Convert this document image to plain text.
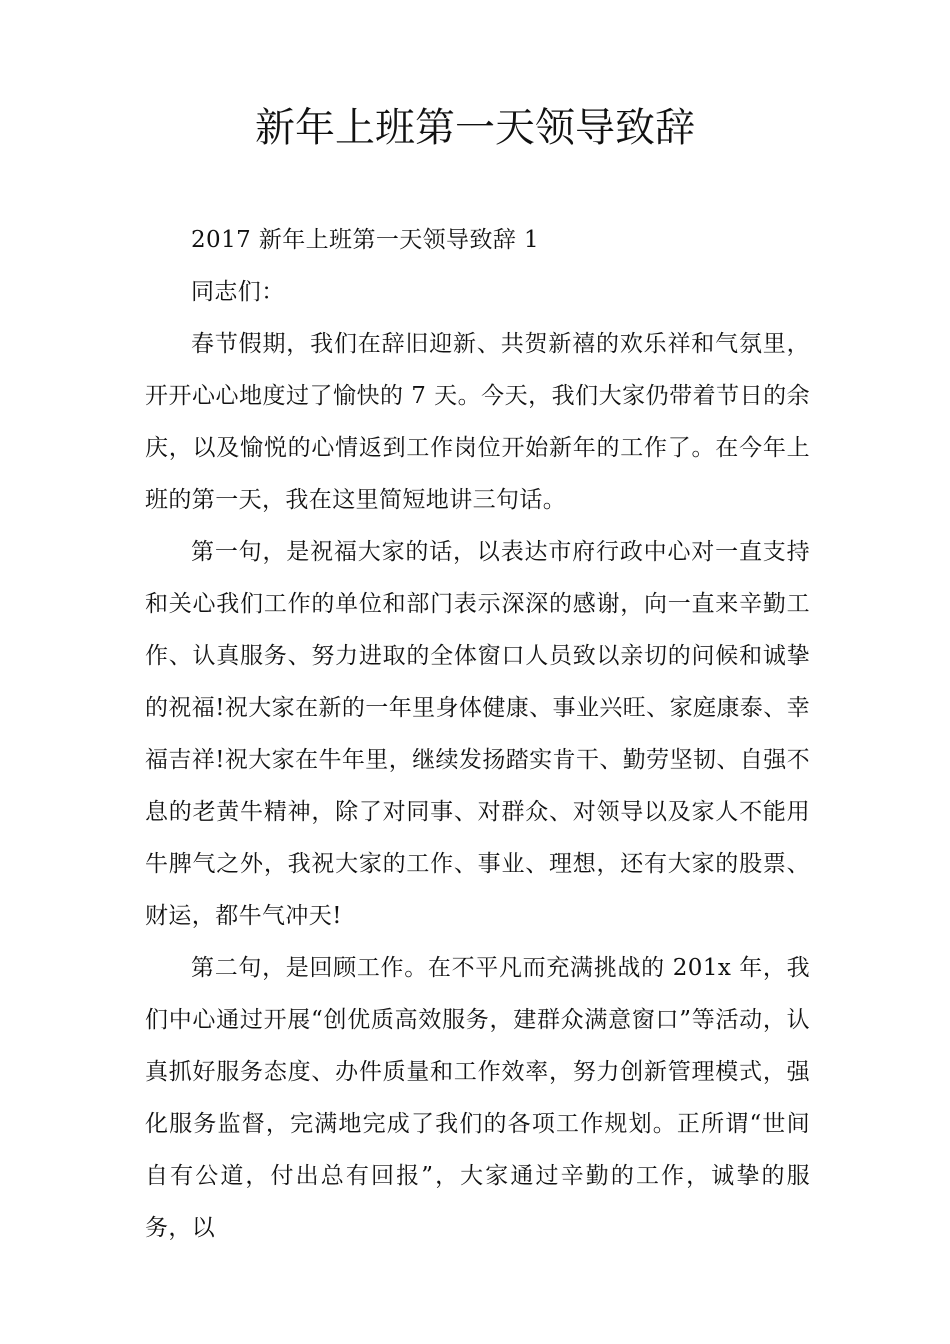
新年上班第一天领导致辞

2017 新年上班第一天领导致辞 1

同志们：

春节假期，我们在辞旧迎新、共贺新禧的欢乐祥和气氛里，开开心心地度过了愉快的 7 天。今天，我们大家仍带着节日的余庆，以及愉悦的心情返到工作岗位开始新年的工作了。在今年上班的第一天，我在这里简短地讲三句话。

第一句，是祝福大家的话，以表达市府行政中心对一直支持和关心我们工作的单位和部门表示深深的感谢，向一直来辛勤工作、认真服务、努力进取的全体窗口人员致以亲切的问候和诚挚的祝福!祝大家在新的一年里身体健康、事业兴旺、家庭康泰、幸福吉祥!祝大家在牛年里，继续发扬踏实肯干、勤劳坚韧、自强不息的老黄牛精神，除了对同事、对群众、对领导以及家人不能用牛脾气之外，我祝大家的工作、事业、理想，还有大家的股票、财运，都牛气冲天!

第二句，是回顾工作。在不平凡而充满挑战的 201x 年，我们中心通过开展“创优质高效服务，建群众满意窗口”等活动，认真抓好服务态度、办件质量和工作效率，努力创新管理模式，强化服务监督，完满地完成了我们的各项工作规划。正所谓“世间自有公道，付出总有回报”，大家通过辛勤的工作，诚挚的服务，以
